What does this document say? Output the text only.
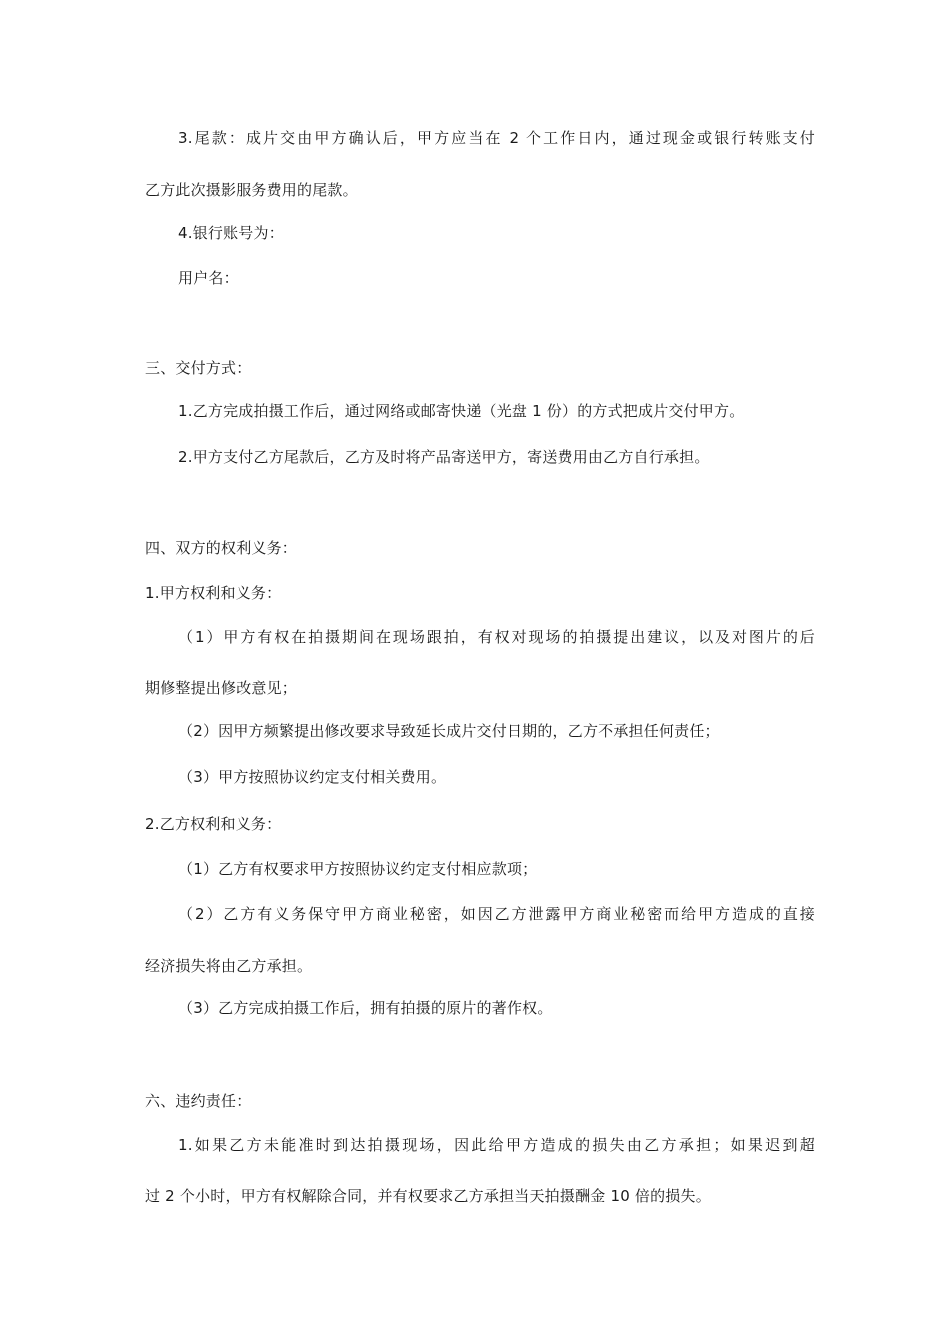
3.尾款：成片交由甲方确认后，甲方应当在 2 个工作日内，通过现金或银行转账支付
乙方此次摄影服务费用的尾款。
4.银行账号为：
用户名：
三、交付方式：
1.乙方完成拍摄工作后，通过网络或邮寄快递（光盘 1 份）的方式把成片交付甲方。
2.甲方支付乙方尾款后，乙方及时将产品寄送甲方，寄送费用由乙方自行承担。
四、双方的权利义务：
1.甲方权利和义务：
（1）甲方有权在拍摄期间在现场跟拍，有权对现场的拍摄提出建议，以及对图片的后
期修整提出修改意见；
（2）因甲方频繁提出修改要求导致延长成片交付日期的，乙方不承担任何责任；
（3）甲方按照协议约定支付相关费用。
2.乙方权利和义务：
（1）乙方有权要求甲方按照协议约定支付相应款项；
（2）乙方有义务保守甲方商业秘密，如因乙方泄露甲方商业秘密而给甲方造成的直接
经济损失将由乙方承担。
（3）乙方完成拍摄工作后，拥有拍摄的原片的著作权。
六、违约责任：
1.如果乙方未能准时到达拍摄现场，因此给甲方造成的损失由乙方承担；如果迟到超
过 2 个小时，甲方有权解除合同，并有权要求乙方承担当天拍摄酬金 10 倍的损失。
